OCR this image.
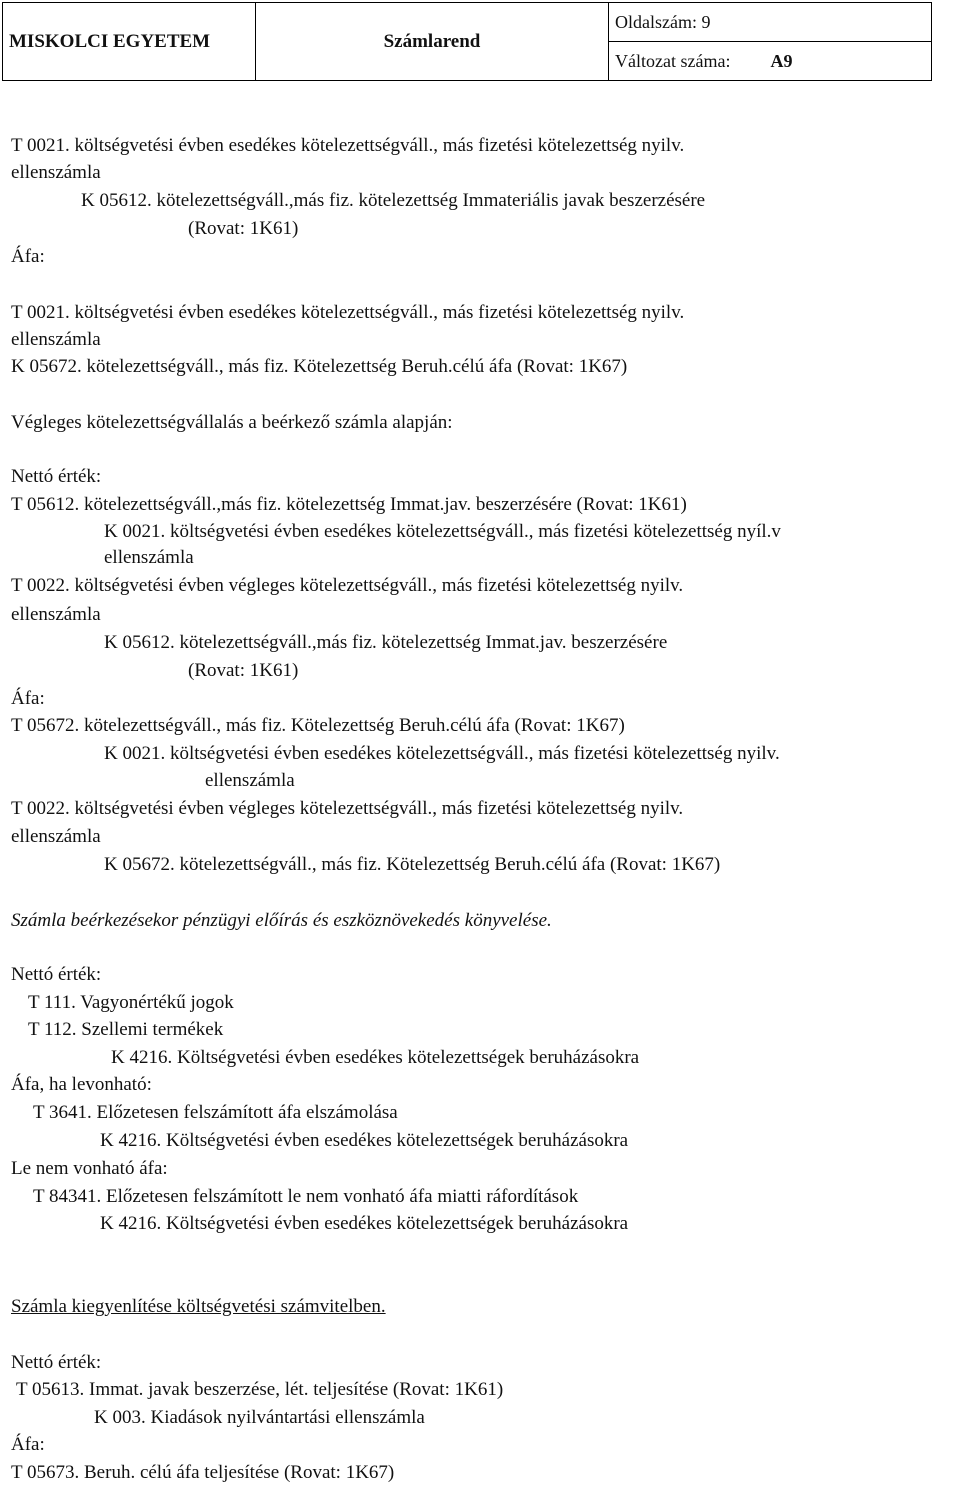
MISKOLCI EGYETEM	Számlarend	Oldalszám: 9
Változat száma: A9
T 0021. költségvetési évben esedékes kötelezettségváll., más fizetési kötelezettség nyilv.
ellenszámla
K 05612. kötelezettségváll.,más fiz. kötelezettség Immateriális javak beszerzésére
(Rovat: 1K61)
Áfa:
T 0021. költségvetési évben esedékes kötelezettségváll., más fizetési kötelezettség nyilv.
ellenszámla
K 05672. kötelezettségváll., más fiz. Kötelezettség Beruh.célú áfa (Rovat: 1K67)
Végleges kötelezettségvállalás a beérkező számla alapján:
Nettó érték:
T 05612. kötelezettségváll.,más fiz. kötelezettség Immat.jav. beszerzésére (Rovat: 1K61)
K 0021. költségvetési évben esedékes kötelezettségváll., más fizetési kötelezettség nyíl.v
ellenszámla
T 0022. költségvetési évben végleges kötelezettségváll., más fizetési kötelezettség nyilv.
ellenszámla
K 05612. kötelezettségváll.,más fiz. kötelezettség Immat.jav. beszerzésére
(Rovat: 1K61)
Áfa:
T 05672. kötelezettségváll., más fiz. Kötelezettség Beruh.célú áfa (Rovat: 1K67)
K 0021. költségvetési évben esedékes kötelezettségváll., más fizetési kötelezettség nyilv.
ellenszámla
T 0022. költségvetési évben végleges kötelezettségváll., más fizetési kötelezettség nyilv.
ellenszámla
K 05672. kötelezettségváll., más fiz. Kötelezettség Beruh.célú áfa (Rovat: 1K67)
Számla beérkezésekor pénzügyi előírás és eszköznövekedés könyvelése.
Nettó érték:
T 111. Vagyonértékű jogok
T 112. Szellemi termékek
K 4216. Költségvetési évben esedékes kötelezettségek beruházásokra
Áfa, ha levonható:
T 3641. Előzetesen felszámított áfa elszámolása
K 4216. Költségvetési évben esedékes kötelezettségek beruházásokra
Le nem vonható áfa:
T 84341. Előzetesen felszámított le nem vonható áfa miatti ráfordítások
K 4216. Költségvetési évben esedékes kötelezettségek beruházásokra
Számla kiegyenlítése költségvetési számvitelben.
Nettó érték:
T 05613. Immat. javak beszerzése, lét. teljesítése (Rovat: 1K61)
K 003. Kiadások nyilvántartási ellenszámla
Áfa:
T 05673. Beruh. célú áfa teljesítése (Rovat: 1K67)
